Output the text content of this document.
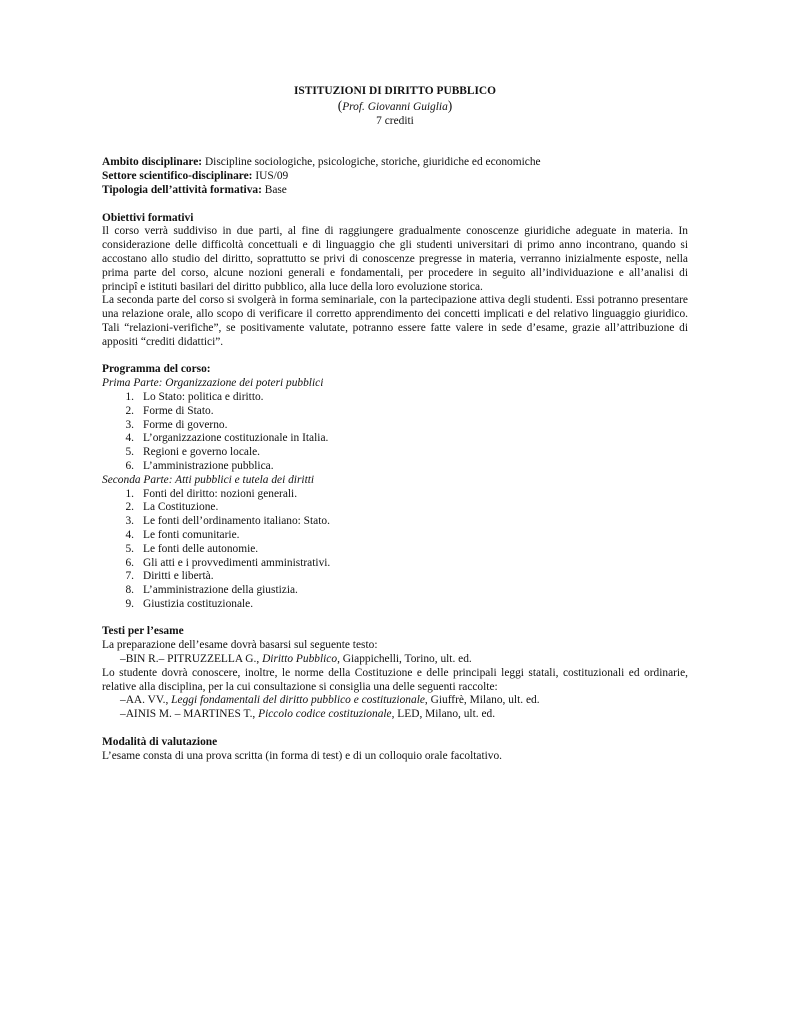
ISTITUZIONI DI DIRITTO PUBBLICO
(Prof. Giovanni Guiglia)
7 crediti
Ambito disciplinare: Discipline sociologiche, psicologiche, storiche, giuridiche ed economiche
Settore scientifico-disciplinare: IUS/09
Tipologia dell’attività formativa: Base
Obiettivi formativi

Il corso verrà suddiviso in due parti, al fine di raggiungere gradualmente conoscenze giuridiche adeguate in materia. In considerazione delle difficoltà concettuali e di linguaggio che gli studenti universitari di primo anno incontrano, quando si accostano allo studio del diritto, soprattutto se privi di conoscenze pregresse in materia, verranno inizialmente esposte, nella prima parte del corso, alcune nozioni generali e fondamentali, per procedere in seguito all’individuazione e all’analisi di principî e istituti basilari del diritto pubblico, alla luce della loro evoluzione storica.

La seconda parte del corso si svolgerà in forma seminariale, con la partecipazione attiva degli studenti. Essi potranno presentare una relazione orale, allo scopo di verificare il corretto apprendimento dei concetti implicati e del relativo linguaggio giuridico. Tali “relazioni-verifiche”, se positivamente valutate, potranno essere fatte valere in sede d’esame, grazie all’attribuzione di appositi “crediti didattici”.

Programma del corso:
Prima Parte: Organizzazione dei poteri pubblici
1. Lo Stato: politica e diritto.
2. Forme di Stato.
3. Forme di governo.
4. L’organizzazione costituzionale in Italia.
5. Regioni e governo locale.
6. L’amministrazione pubblica.
Seconda Parte: Atti pubblici e tutela dei diritti
1. Fonti del diritto: nozioni generali.
2. La Costituzione.
3. Le fonti dell’ordinamento italiano: Stato.
4. Le fonti comunitarie.
5. Le fonti delle autonomie.
6. Gli atti e i provvedimenti amministrativi.
7. Diritti e libertà.
8. L’amministrazione della giustizia.
9. Giustizia costituzionale.
Testi per l’esame

La preparazione dell’esame dovrà basarsi sul seguente testo:

–BIN R.– PITRUZZELLA G., Diritto Pubblico, Giappichelli, Torino, ult. ed.

Lo studente dovrà conoscere, inoltre, le norme della Costituzione e delle principali leggi statali, costituzionali ed ordinarie, relative alla disciplina, per la cui consultazione si consiglia una delle seguenti raccolte:

–AA. VV., Leggi fondamentali del diritto pubblico e costituzionale, Giuffrè, Milano, ult. ed.
–AINIS M. – MARTINES T., Piccolo codice costituzionale, LED, Milano, ult. ed.
Modalità di valutazione

L’esame consta di una prova scritta (in forma di test) e di un colloquio orale facoltativo.
